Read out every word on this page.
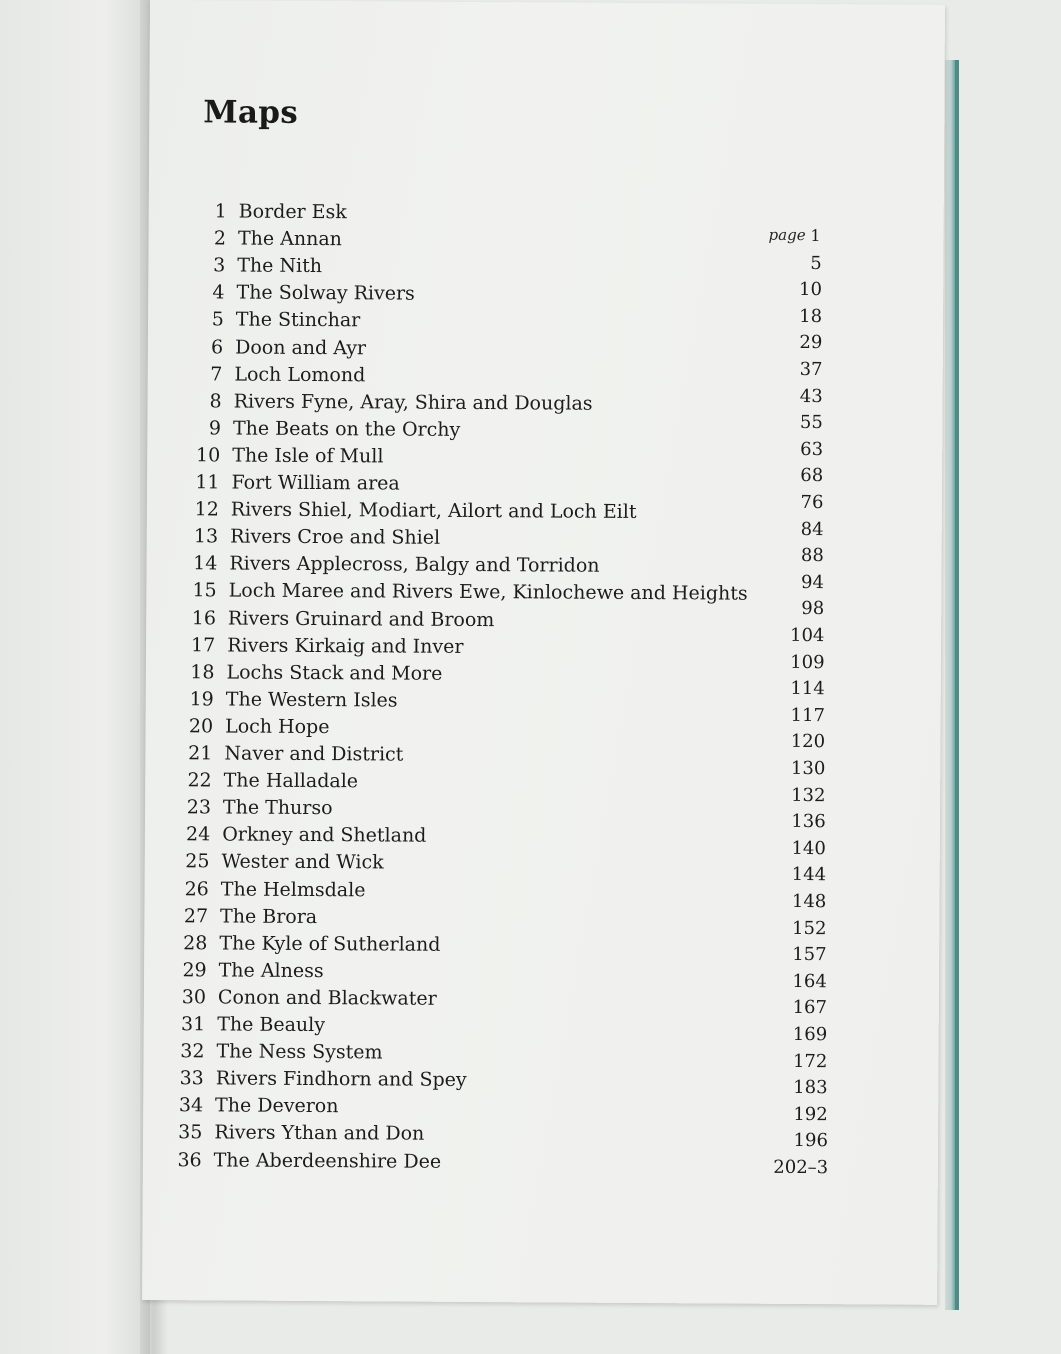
Maps
1 Border Esk
2 The Annan
3 The Nith
4 The Solway Rivers
5 The Stinchar
6 Doon and Ayr
7 Loch Lomond
8 Rivers Fyne, Aray, Shira and Douglas
9 The Beats on the Orchy
10 The Isle of Mull
11 Fort William area
12 Rivers Shiel, Modiart, Ailort and Loch Eilt
13 Rivers Croe and Shiel
14 Rivers Applecross, Balgy and Torridon
15 Loch Maree and Rivers Ewe, Kinlochewe and Heights
16 Rivers Gruinard and Broom
17 Rivers Kirkaig and Inver
18 Lochs Stack and More
19 The Western Isles
20 Loch Hope
21 Naver and District
22 The Halladale
23 The Thurso
24 Orkney and Shetland
25 Wester and Wick
26 The Helmsdale
27 The Brora
28 The Kyle of Sutherland
29 The Alness
30 Conon and Blackwater
31 The Beauly
32 The Ness System
33 Rivers Findhorn and Spey
34 The Deveron
35 Rivers Ythan and Don
36 The Aberdeenshire Dee
page 1
5
10
18
29
37
43
55
63
68
76
84
88
94
98
104
109
114
117
120
130
132
136
140
144
148
152
157
164
167
169
172
183
192
196
202–3
